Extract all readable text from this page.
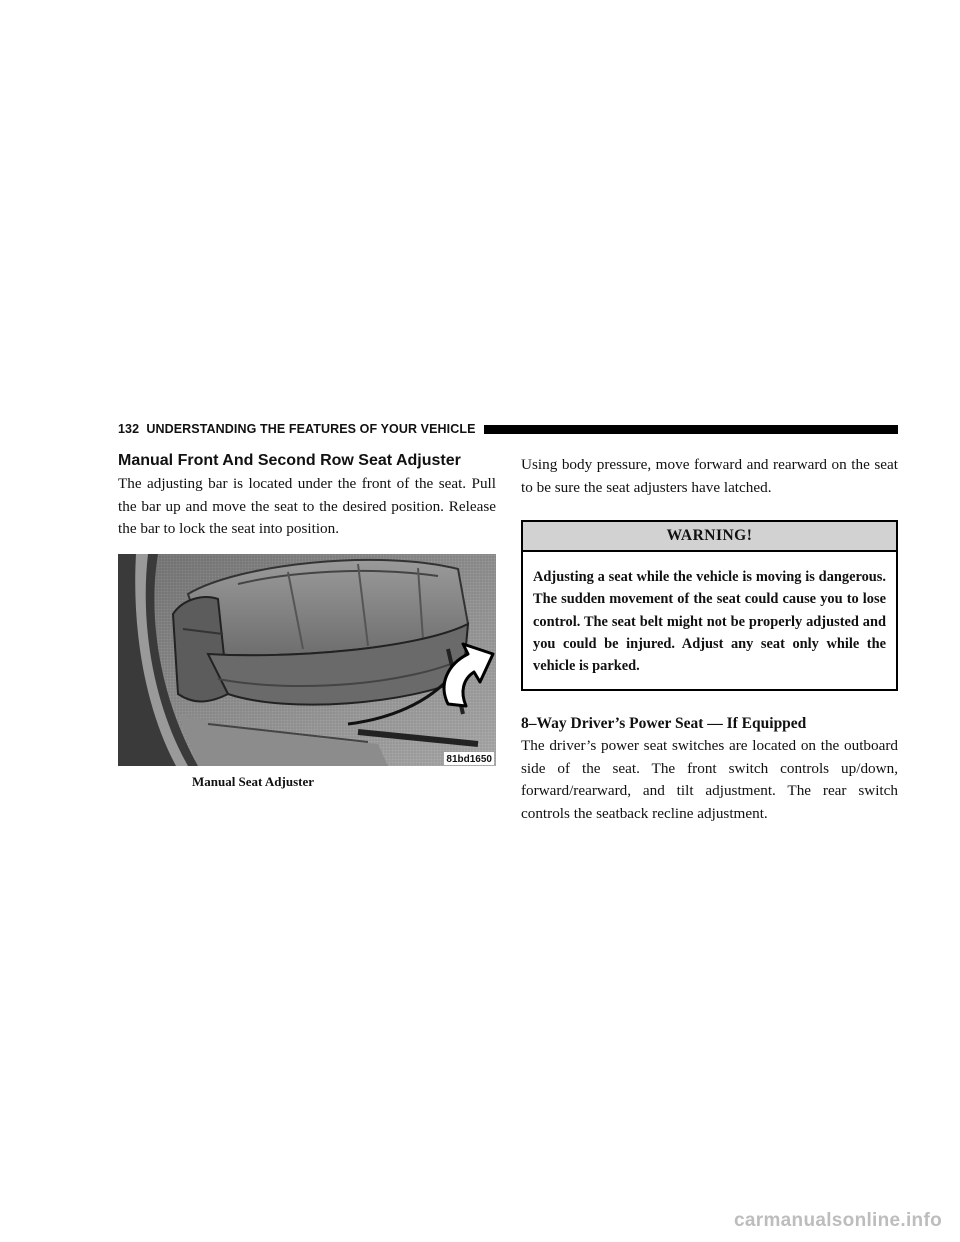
132 UNDERSTANDING THE FEATURES OF YOUR VEHICLE
Manual Front And Second Row Seat Adjuster

The adjusting bar is located under the front of the seat. Pull the bar up and move the seat to the desired position. Release the bar to lock the seat into position.

81bd1650
Manual Seat Adjuster

Using body pressure, move forward and rearward on the seat to be sure the seat adjusters have latched.

WARNING!
Adjusting a seat while the vehicle is moving is dangerous. The sudden movement of the seat could cause you to lose control. The seat belt might not be properly adjusted and you could be injured. Adjust any seat only while the vehicle is parked.
8–Way Driver’s Power Seat — If Equipped

The driver’s power seat switches are located on the outboard side of the seat. The front switch controls up/down, forward/rearward, and tilt adjustment. The rear switch controls the seatback recline adjustment.

carmanualsonline.info
